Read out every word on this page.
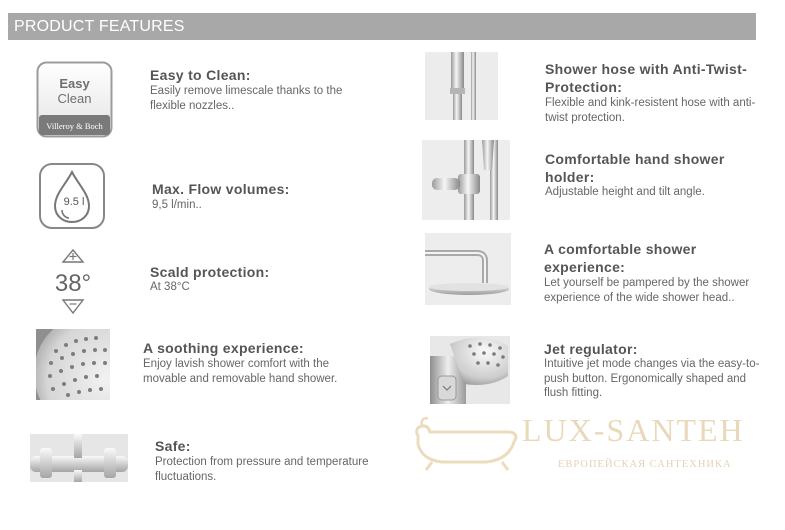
PRODUCT FEATURES
Easy
Clean
Villeroy & Boch
Easy to Clean:
Easily remove limescale thanks to the
flexible nozzles..
9.5 l
Max. Flow volumes:
9,5 l/min..
38°	Scald protection:
At 38°C
A soothing experience:
Enjoy lavish shower comfort with the
movable and removable hand shower.
Safe:
Protection from pressure and temperature
fluctuations.
Shower hose with Anti-Twist-
Protection:
Flexible and kink-resistent hose with anti-
twist protection.
Comfortable hand shower
holder:
Adjustable height and tilt angle.
A comfortable shower
experience:
Let yourself be pampered by the shower
experience of the wide shower head..
Jet regulator:
Intuitive jet mode changes via the easy-to-
push button. Ergonomically shaped and
flush fitting.
LUX-SANTEH
ЕВРОПЕЙСКАЯ САНТЕХНИКА
